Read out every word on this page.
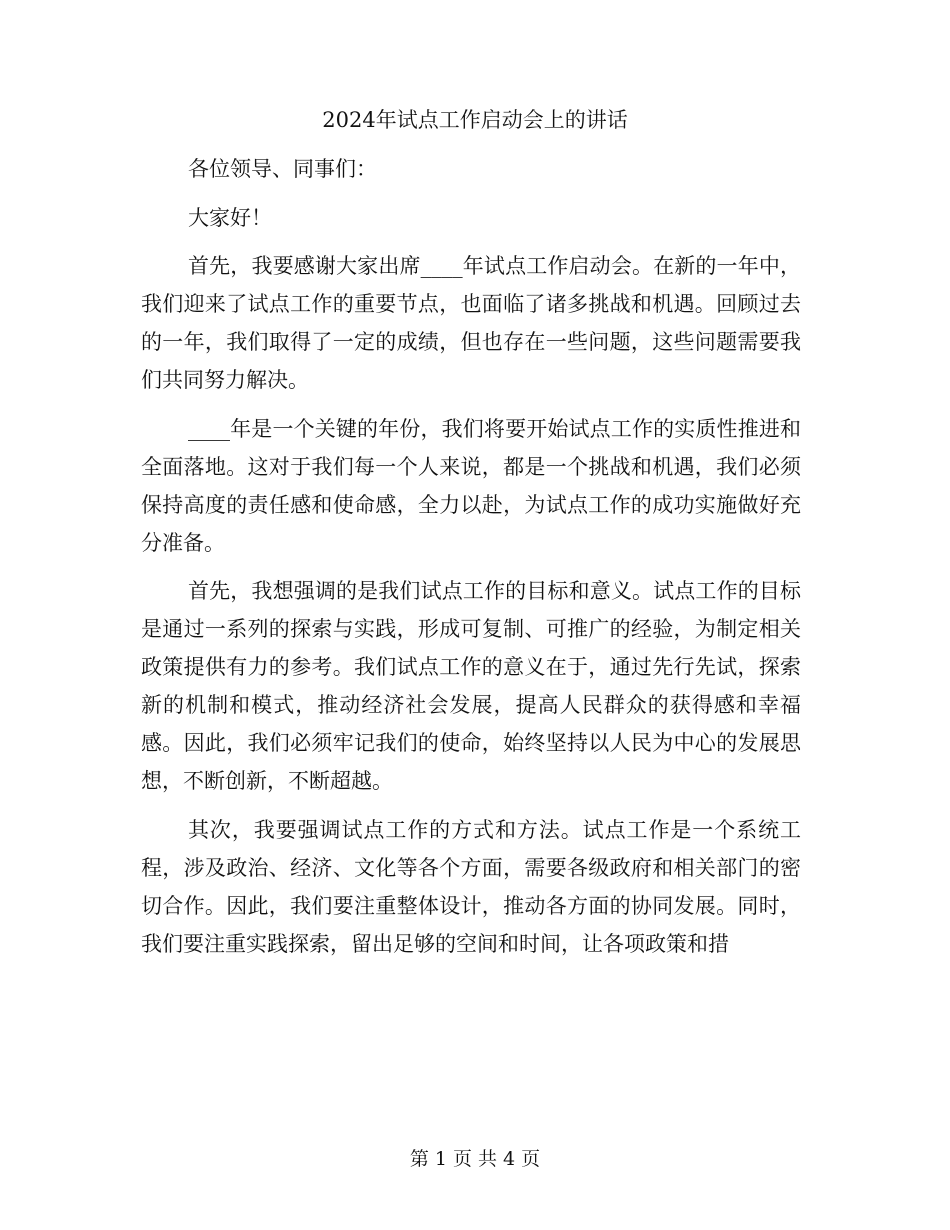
2024年试点工作启动会上的讲话

各位领导、同事们：

大家好！

首先，我要感谢大家出席____年试点工作启动会。在新的一年中，我们迎来了试点工作的重要节点，也面临了诸多挑战和机遇。回顾过去的一年，我们取得了一定的成绩，但也存在一些问题，这些问题需要我们共同努力解决。

____年是一个关键的年份，我们将要开始试点工作的实质性推进和全面落地。这对于我们每一个人来说，都是一个挑战和机遇，我们必须保持高度的责任感和使命感，全力以赴，为试点工作的成功实施做好充分准备。

首先，我想强调的是我们试点工作的目标和意义。试点工作的目标是通过一系列的探索与实践，形成可复制、可推广的经验，为制定相关政策提供有力的参考。我们试点工作的意义在于，通过先行先试，探索新的机制和模式，推动经济社会发展，提高人民群众的获得感和幸福感。因此，我们必须牢记我们的使命，始终坚持以人民为中心的发展思想，不断创新，不断超越。

其次，我要强调试点工作的方式和方法。试点工作是一个系统工程，涉及政治、经济、文化等各个方面，需要各级政府和相关部门的密切合作。因此，我们要注重整体设计，推动各方面的协同发展。同时，我们要注重实践探索，留出足够的空间和时间，让各项政策和措

第 1 页 共 4 页
